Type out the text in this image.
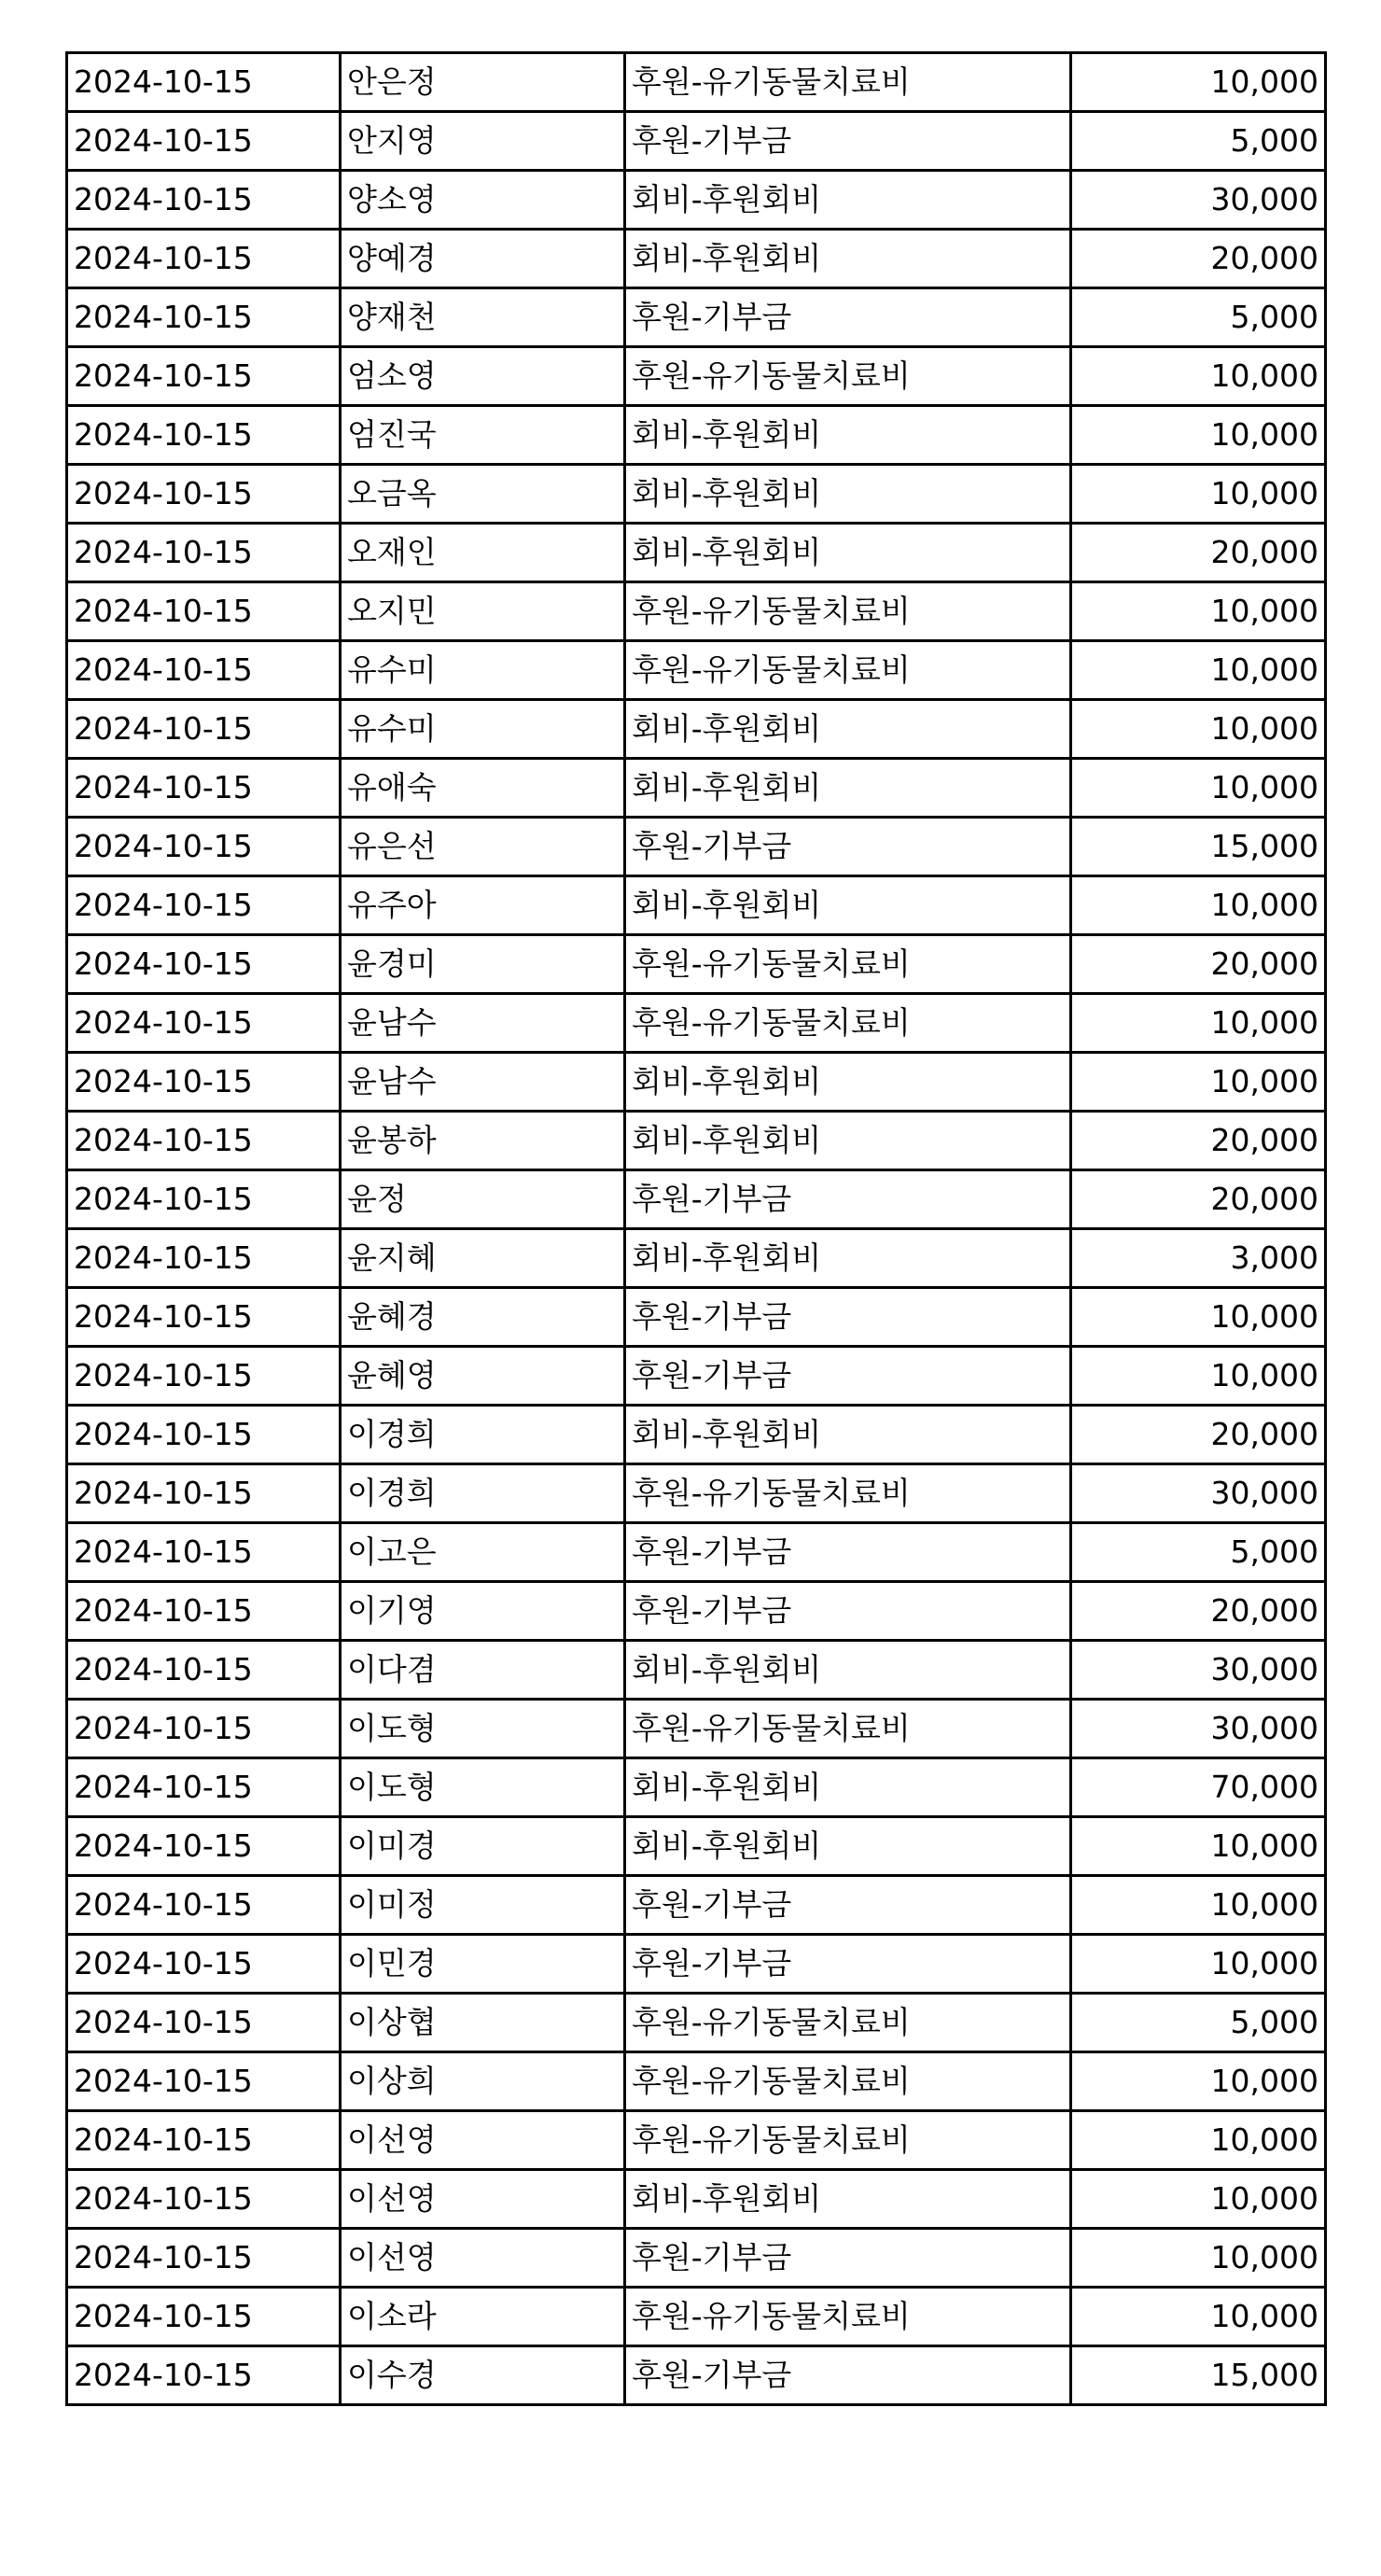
2024-10-15	안은정	후원-유기동물치료비	10,000
2024-10-15	안지영	후원-기부금	5,000
2024-10-15	양소영	회비-후원회비	30,000
2024-10-15	양예경	회비-후원회비	20,000
2024-10-15	양재천	후원-기부금	5,000
2024-10-15	엄소영	후원-유기동물치료비	10,000
2024-10-15	엄진국	회비-후원회비	10,000
2024-10-15	오금옥	회비-후원회비	10,000
2024-10-15	오재인	회비-후원회비	20,000
2024-10-15	오지민	후원-유기동물치료비	10,000
2024-10-15	유수미	후원-유기동물치료비	10,000
2024-10-15	유수미	회비-후원회비	10,000
2024-10-15	유애숙	회비-후원회비	10,000
2024-10-15	유은선	후원-기부금	15,000
2024-10-15	유주아	회비-후원회비	10,000
2024-10-15	윤경미	후원-유기동물치료비	20,000
2024-10-15	윤남수	후원-유기동물치료비	10,000
2024-10-15	윤남수	회비-후원회비	10,000
2024-10-15	윤봉하	회비-후원회비	20,000
2024-10-15	윤정	후원-기부금	20,000
2024-10-15	윤지혜	회비-후원회비	3,000
2024-10-15	윤혜경	후원-기부금	10,000
2024-10-15	윤혜영	후원-기부금	10,000
2024-10-15	이경희	회비-후원회비	20,000
2024-10-15	이경희	후원-유기동물치료비	30,000
2024-10-15	이고은	후원-기부금	5,000
2024-10-15	이기영	후원-기부금	20,000
2024-10-15	이다겸	회비-후원회비	30,000
2024-10-15	이도형	후원-유기동물치료비	30,000
2024-10-15	이도형	회비-후원회비	70,000
2024-10-15	이미경	회비-후원회비	10,000
2024-10-15	이미정	후원-기부금	10,000
2024-10-15	이민경	후원-기부금	10,000
2024-10-15	이상협	후원-유기동물치료비	5,000
2024-10-15	이상희	후원-유기동물치료비	10,000
2024-10-15	이선영	후원-유기동물치료비	10,000
2024-10-15	이선영	회비-후원회비	10,000
2024-10-15	이선영	후원-기부금	10,000
2024-10-15	이소라	후원-유기동물치료비	10,000
2024-10-15	이수경	후원-기부금	15,000
